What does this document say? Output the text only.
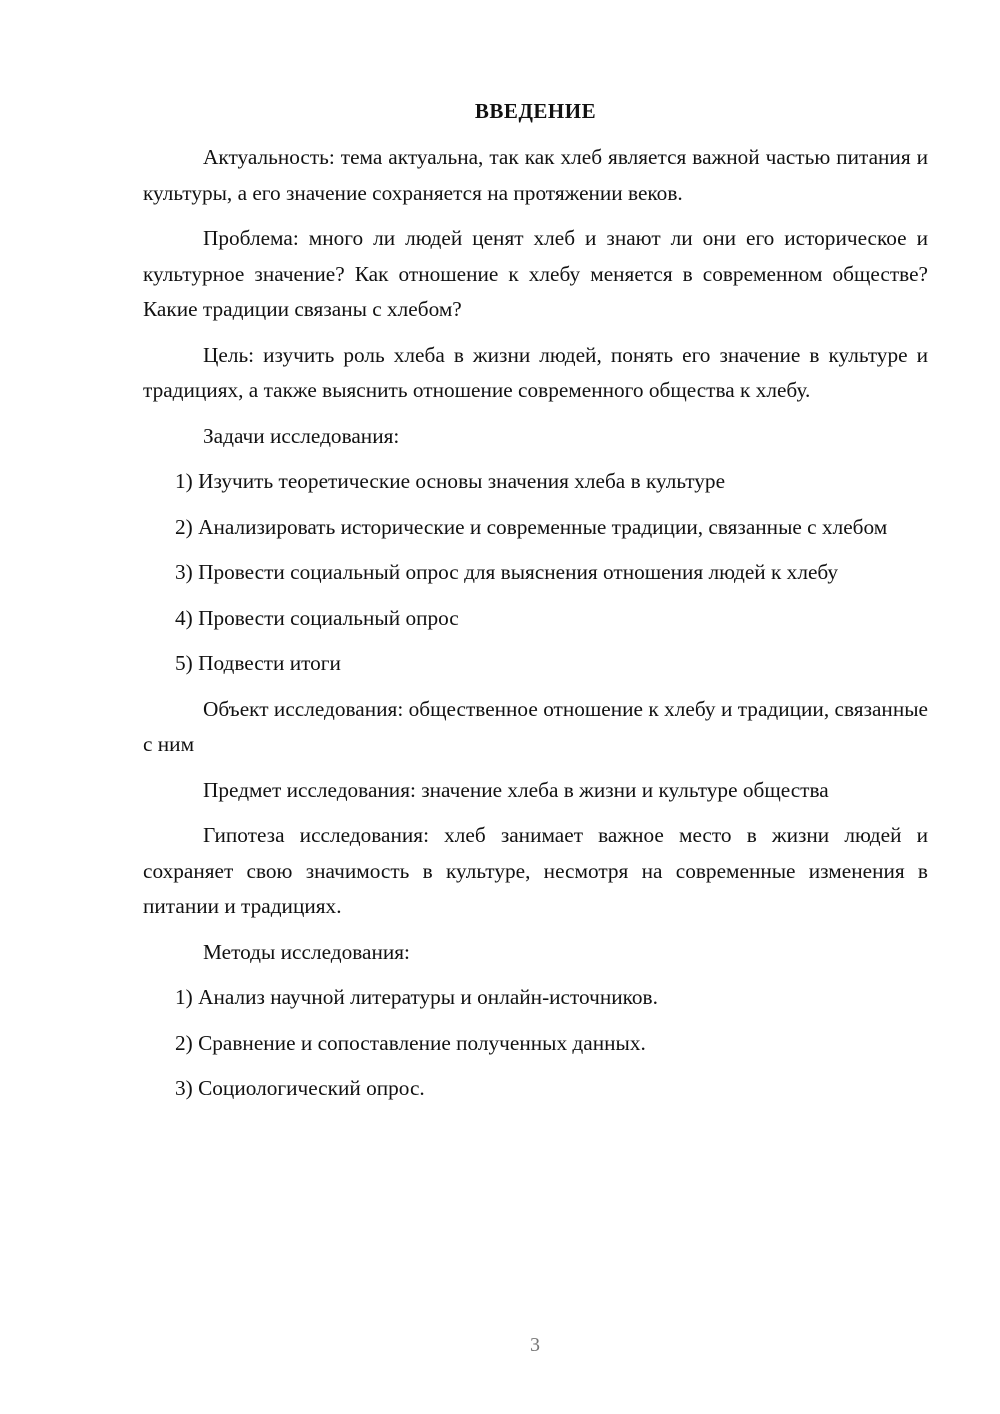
ВВЕДЕНИЕ

Актуальность: тема актуальна, так как хлеб является важной частью питания и культуры, а его значение сохраняется на протяжении веков.

Проблема: много ли людей ценят хлеб и знают ли они его историческое и культурное значение? Как отношение к хлебу меняется в современном обществе? Какие традиции связаны с хлебом?

Цель: изучить роль хлеба в жизни людей, понять его значение в культуре и традициях, а также выяснить отношение современного общества к хлебу.

Задачи исследования:

1) Изучить теоретические основы значения хлеба в культуре

2) Анализировать исторические и современные традиции, связанные с хлебом

3) Провести социальный опрос для выяснения отношения людей к хлебу

4) Провести социальный опрос

5) Подвести итоги

Объект исследования: общественное отношение к хлебу и традиции, связанные с ним

Предмет исследования: значение хлеба в жизни и культуре общества

Гипотеза исследования: хлеб занимает важное место в жизни людей и сохраняет свою значимость в культуре, несмотря на современные изменения в питании и традициях.

Методы исследования:

1) Анализ научной литературы и онлайн-источников.

2) Сравнение и сопоставление полученных данных.

3) Социологический опрос.

3
